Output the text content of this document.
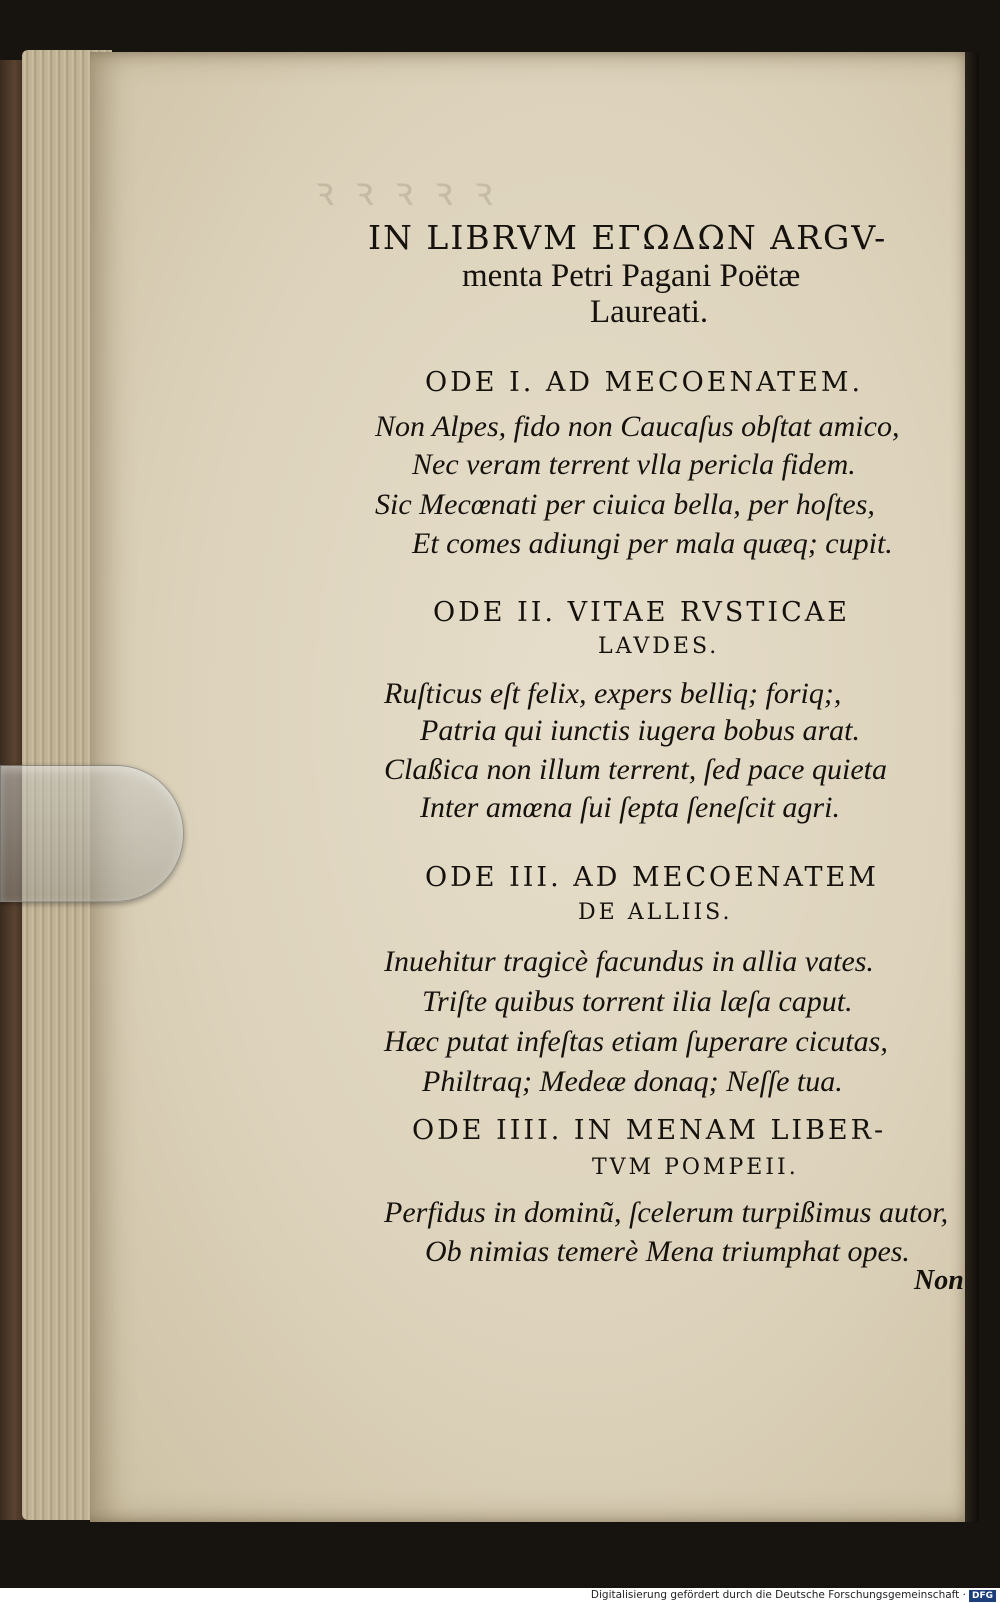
ꝛ ꝛ ꝛ ꝛ ꝛ
IN LIBRVM ΕΓΩΔΩΝ ARGV-
menta Petri Pagani Poëtæ
Laureati.
ODE I. AD MECOENATEM.
Non Alpes, fido non Caucaſus obſtat amico,
Nec veram terrent vlla pericla fidem.
Sic Mecœnati per ciuica bella, per hoſtes,
Et comes adiungi per mala quæq; cupit.
ODE II. VITAE RVSTICAE
LAVDES.
Ruſticus eſt felix, expers belliq; foriq;,
Patria qui iunctis iugera bobus arat.
Claßica non illum terrent, ſed pace quieta
Inter amœna ſui ſepta ſeneſcit agri.
ODE III. AD MECOENATEM
DE ALLIIS.
Inuehitur tragicè facundus in allia vates.
Triſte quibus torrent ilia læſa caput.
Hæc putat infeſtas etiam ſuperare cicutas,
Philtraq; Medeæ donaq; Neſſe tua.
ODE IIII. IN MENAM LIBER-
TVM POMPEII.
Perfidus in dominũ, ſcelerum turpißimus autor,
Ob nimias temerè Mena triumphat opes.
Non
Digitalisierung gefördert durch die Deutsche Forschungsgemeinschaft · DFG
